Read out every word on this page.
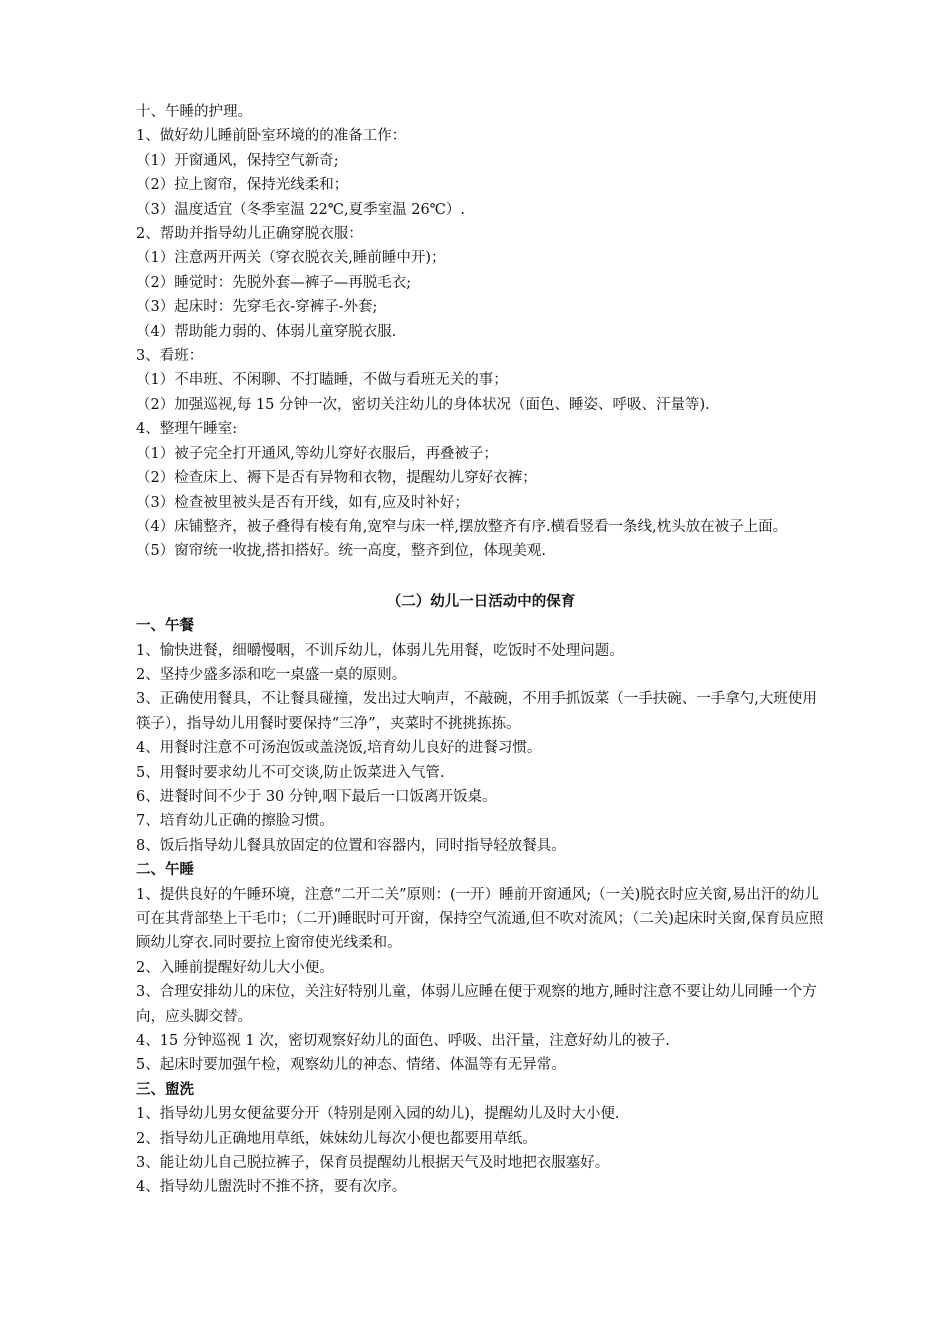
十、午睡的护理。
1、做好幼儿睡前卧室环境的的准备工作：
（1）开窗通风，保持空气新奇;
（2）拉上窗帘，保持光线柔和；
（3）温度适宜（冬季室温 22℃,夏季室温 26℃）.
2、帮助并指导幼儿正确穿脱衣服：
（1）注意两开两关（穿衣脱衣关,睡前睡中开)；
（2）睡觉时：先脱外套—裤子—再脱毛衣;
（3）起床时：先穿毛衣-穿裤子-外套;
（4）帮助能力弱的、体弱儿童穿脱衣服.
3、看班：
（1）不串班、不闲聊、不打瞌睡，不做与看班无关的事；
（2）加强巡视,每 15 分钟一次，密切关注幼儿的身体状况（面色、睡姿、呼吸、汗量等).
4、整理午睡室:
（1）被子完全打开通风,等幼儿穿好衣服后，再叠被子；
（2）检查床上、褥下是否有异物和衣物，提醒幼儿穿好衣裤；
（3）检查被里被头是否有开线，如有,应及时补好；
（4）床铺整齐，被子叠得有棱有角,宽窄与床一样,摆放整齐有序.横看竖看一条线,枕头放在被子上面。
（5）窗帘统一收拢,搭扣搭好。统一高度，整齐到位，体现美观.
（二）幼儿一日活动中的保育
一、午餐
1、愉快进餐，细嚼慢咽，不训斥幼儿，体弱儿先用餐，吃饭时不处理问题。
2、坚持少盛多添和吃一桌盛一桌的原则。
3、正确使用餐具，不让餐具碰撞，发出过大响声，不敲碗，不用手抓饭菜（一手扶碗、一手拿勺,大班使用筷子），指导幼儿用餐时要保持“三净”，夹菜时不挑挑拣拣。
4、用餐时注意不可汤泡饭或盖浇饭,培育幼儿良好的进餐习惯。
5、用餐时要求幼儿不可交谈,防止饭菜进入气管.
6、进餐时间不少于 30 分钟,咽下最后一口饭离开饭桌。
7、培育幼儿正确的擦脸习惯。
8、饭后指导幼儿餐具放固定的位置和容器内，同时指导轻放餐具。
二、午睡
1、提供良好的午睡环境，注意“二开二关”原则：(一开）睡前开窗通风;（一关)脱衣时应关窗,易出汗的幼儿可在其背部垫上干毛巾；（二开)睡眠时可开窗，保持空气流通,但不吹对流风；（二关)起床时关窗,保育员应照顾幼儿穿衣.同时要拉上窗帘使光线柔和。
2、入睡前提醒好幼儿大小便。
3、合理安排幼儿的床位，关注好特别儿童，体弱儿应睡在便于观察的地方,睡时注意不要让幼儿同睡一个方向，应头脚交替。
4、15 分钟巡视 1 次，密切观察好幼儿的面色、呼吸、出汗量，注意好幼儿的被子.
5、起床时要加强午检，观察幼儿的神态、情绪、体温等有无异常。
三、盥洗
1、指导幼儿男女便盆要分开（特别是刚入园的幼儿)，提醒幼儿及时大小便.
2、指导幼儿正确地用草纸，妹妹幼儿每次小便也都要用草纸。
3、能让幼儿自己脱拉裤子，保育员提醒幼儿根据天气及时地把衣服塞好。
4、指导幼儿盥洗时不推不挤，要有次序。
